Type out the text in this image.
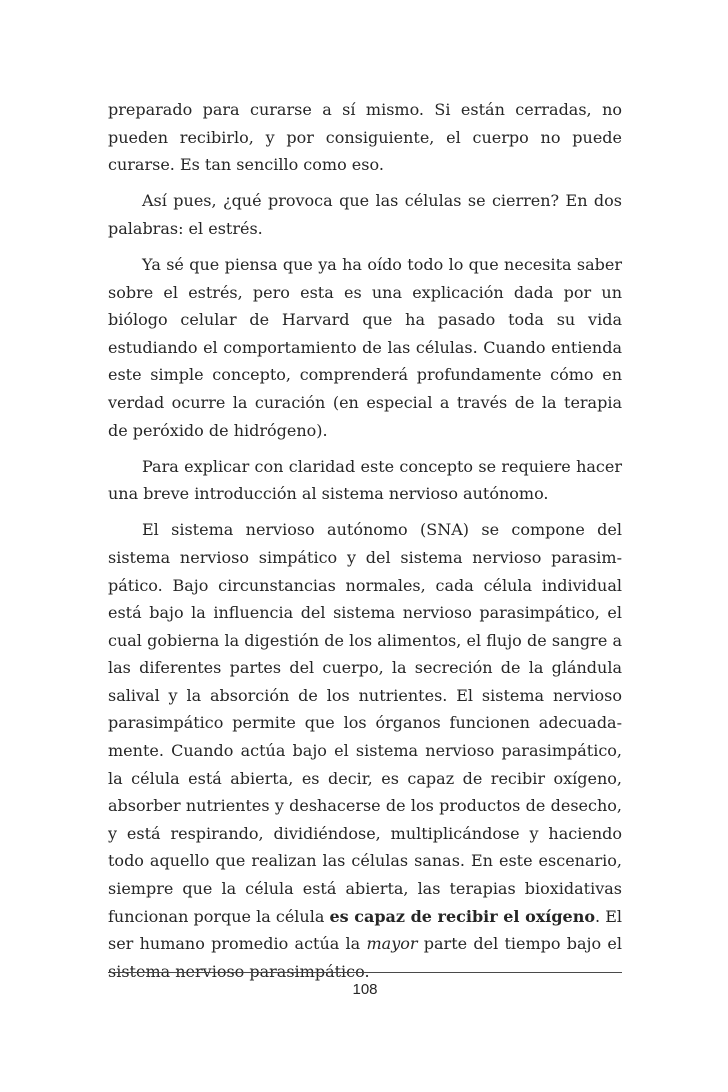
preparado para curarse a sí mismo. Si están cerradas, no pueden recibirlo, y por consiguiente, el cuerpo no puede curarse. Es tan sencillo como eso.

Así pues, ¿qué provoca que las células se cierren? En dos palabras: el estrés.

Ya sé que piensa que ya ha oído todo lo que necesita saber sobre el estrés, pero esta es una explicación dada por un biólogo celular de Harvard que ha pasado toda su vida estudiando el comportamiento de las células. Cuando entienda este simple concepto, comprenderá profundamente cómo en verdad ocurre la curación (en especial a través de la terapia de peróxido de hidrógeno).

Para explicar con claridad este concepto se requiere hacer una breve introducción al sistema nervioso autónomo.

El sistema nervioso autónomo (SNA) se compone del sistema nervioso simpático y del sistema nervioso parasimpático. Bajo circunstancias normales, cada célula individual está bajo la influencia del sistema nervioso parasimpático, el cual gobierna la digestión de los alimentos, el flujo de sangre a las diferentes partes del cuerpo, la secreción de la glándula salival y la absorción de los nutrientes. El sistema nervioso parasimpático permite que los órganos funcionen adecuadamente. Cuando actúa bajo el sistema nervioso parasimpático, la célula está abierta, es decir, es capaz de recibir oxígeno, absorber nutrientes y deshacerse de los productos de desecho, y está respirando, dividiéndose, multiplicándose y haciendo todo aquello que realizan las células sanas. En este escenario, siempre que la célula está abierta, las terapias bioxidativas funcionan porque la célula es capaz de recibir el oxígeno. El ser humano promedio actúa la mayor parte del tiempo bajo el sistema nervioso parasimpático.

108
